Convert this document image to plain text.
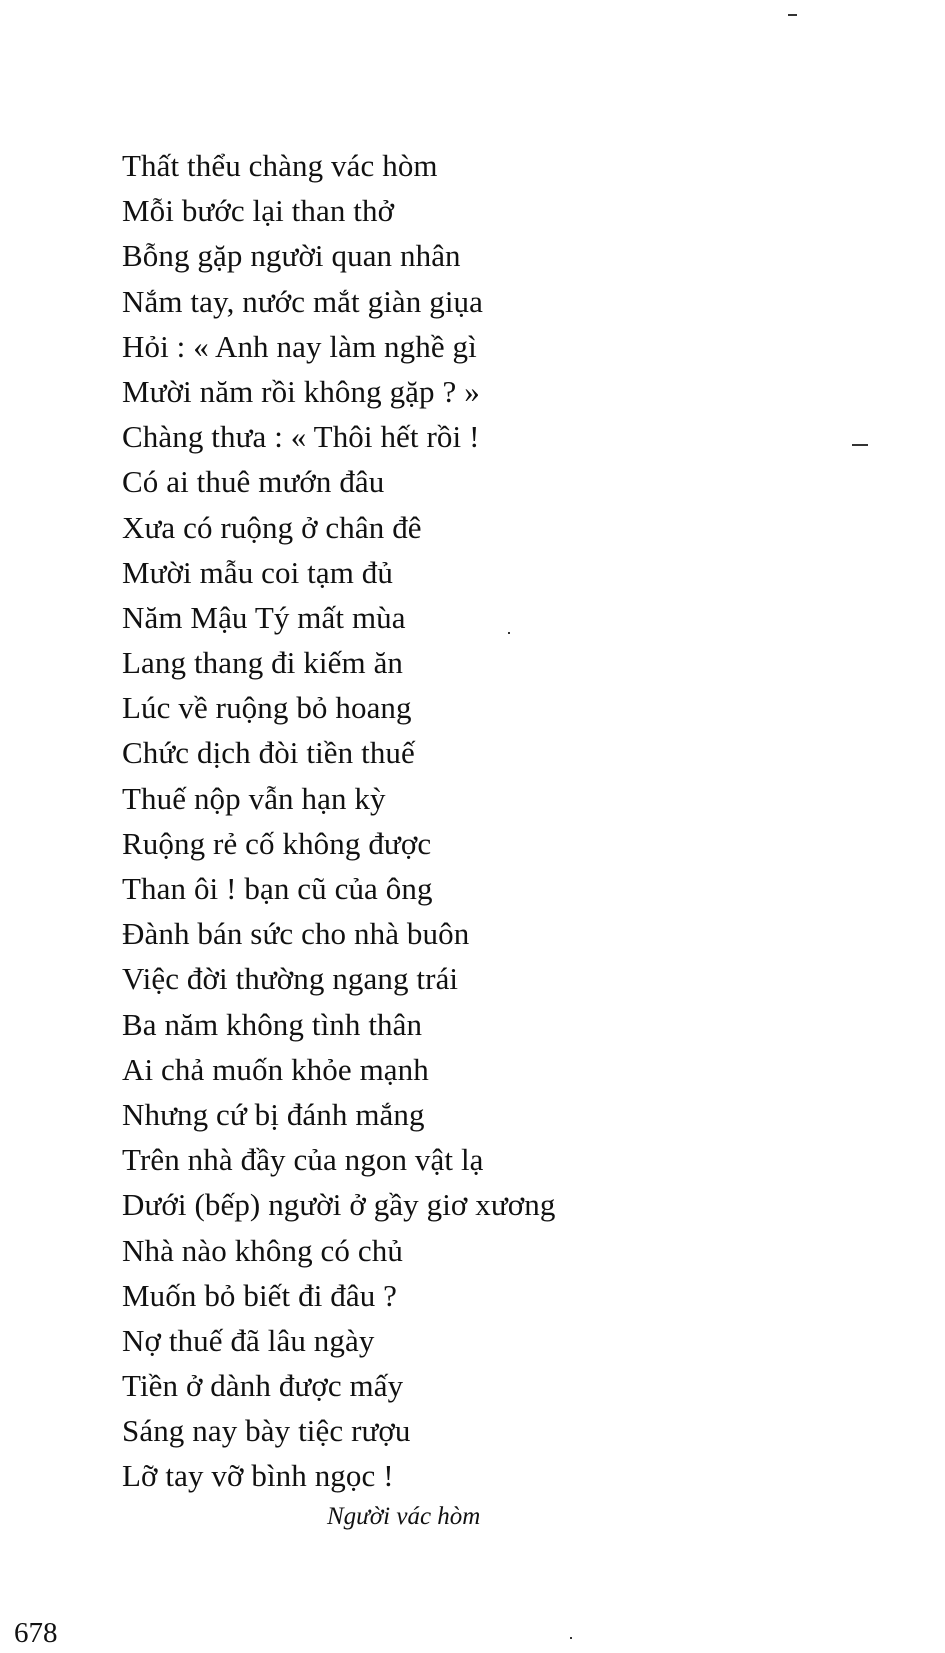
Thất thểu chàng vác hòm
Mỗi bước lại than thở
Bỗng gặp người quan nhân
Nắm tay, nước mắt giàn giụa
Hỏi : « Anh nay làm nghề gì
Mười năm rồi không gặp ? »
Chàng thưa : « Thôi hết rồi !
Có ai thuê mướn đâu
Xưa có ruộng ở chân đê
Mười mẫu coi tạm đủ
Năm Mậu Tý mất mùa
Lang thang đi kiếm ăn
Lúc về ruộng bỏ hoang
Chức dịch đòi tiền thuế
Thuế nộp vẫn hạn kỳ
Ruộng rẻ cố không được
Than ôi ! bạn cũ của ông
Đành bán sức cho nhà buôn
Việc đời thường ngang trái
Ba năm không tình thân
Ai chả muốn khỏe mạnh
Nhưng cứ bị đánh mắng
Trên nhà đầy của ngon vật lạ
Dưới (bếp) người ở gầy giơ xương
Nhà nào không có chủ
Muốn bỏ biết đi đâu ?
Nợ thuế đã lâu ngày
Tiền ở dành được mấy
Sáng nay bày tiệc rượu
Lỡ tay vỡ bình ngọc !
Người vác hòm
678
